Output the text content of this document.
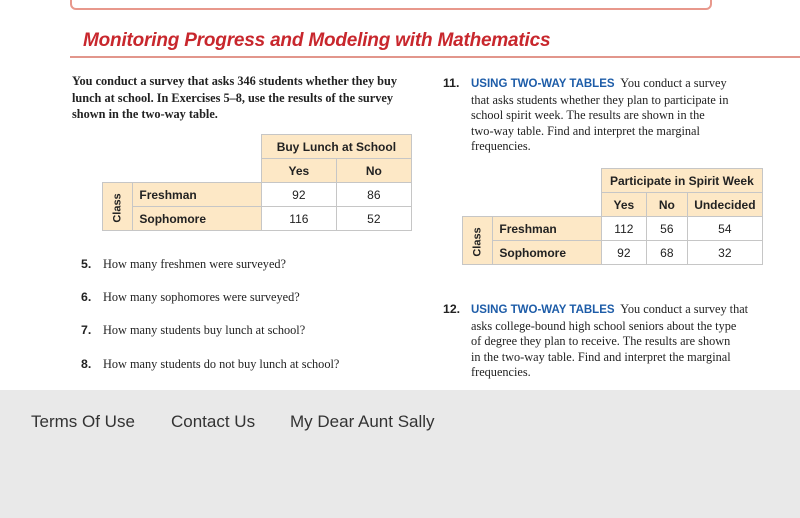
Monitoring Progress and Modeling with Mathematics
You conduct a survey that asks 346 students whether they buy lunch at school. In Exercises 5–8, use the results of the survey shown in the two-way table.
		Buy Lunch at School	
		Yes	No
Class	Freshman	92	86
	Sophomore	116	52
5. How many freshmen were surveyed?
6. How many sophomores were surveyed?
7. How many students buy lunch at school?
8. How many students do not buy lunch at school?
11. USING TWO-WAY TABLES You conduct a survey
that asks students whether they plan to participate in
school spirit week. The results are shown in the
two-way table. Find and interpret the marginal
frequencies.
		Participate in Spirit Week		
		Yes	No	Undecided
Class	Freshman	112	56	54
	Sophomore	92	68	32
12. USING TWO-WAY TABLES You conduct a survey that
asks college-bound high school seniors about the type
of degree they plan to receive. The results are shown
in the two-way table. Find and interpret the marginal
frequencies.
Terms Of Use Contact Us My Dear Aunt Sally
